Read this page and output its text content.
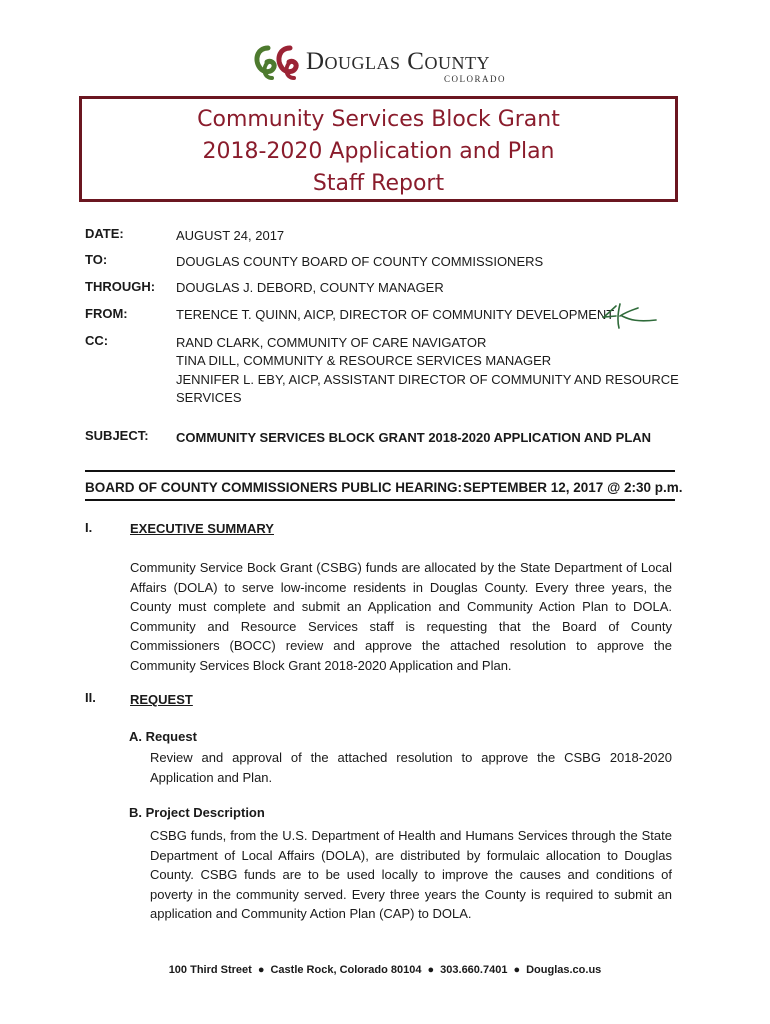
Douglas County
COLORADO
Community Services Block Grant
2018-2020 Application and Plan
Staff Report
DATE:	AUGUST 24, 2017
TO:	DOUGLAS COUNTY BOARD OF COUNTY COMMISSIONERS
THROUGH: DOUGLAS J. DEBORD, COUNTY MANAGER
FROM:	TERENCE T. QUINN, AICP, DIRECTOR OF COMMUNITY DEVELOPMENT
CC:	RAND CLARK, COMMUNITY OF CARE NAVIGATOR
TINA DILL, COMMUNITY & RESOURCE SERVICES MANAGER
JENNIFER L. EBY, AICP, ASSISTANT DIRECTOR OF COMMUNITY AND RESOURCE
SERVICES
SUBJECT: COMMUNITY SERVICES BLOCK GRANT 2018-2020 APPLICATION AND PLAN
BOARD OF COUNTY COMMISSIONERS PUBLIC HEARING: SEPTEMBER 12, 2017 @ 2:30 p.m.
I.	EXECUTIVE SUMMARY
Community Service Bock Grant (CSBG) funds are allocated by the State Department of Local Affairs (DOLA) to serve low-income residents in Douglas County. Every three years, the County must complete and submit an Application and Community Action Plan to DOLA. Community and Resource Services staff is requesting that the Board of County Commissioners (BOCC) review and approve the attached resolution to approve the Community Services Block Grant 2018-2020 Application and Plan.
II.	REQUEST
A. Request
Review and approval of the attached resolution to approve the CSBG 2018-2020 Application and Plan.
B. Project Description
CSBG funds, from the U.S. Department of Health and Humans Services through the State Department of Local Affairs (DOLA), are distributed by formulaic allocation to Douglas County. CSBG funds are to be used locally to improve the causes and conditions of poverty in the community served. Every three years the County is required to submit an application and Community Action Plan (CAP) to DOLA.
100 Third Street ● Castle Rock, Colorado 80104 ● 303.660.7401 ● Douglas.co.us
